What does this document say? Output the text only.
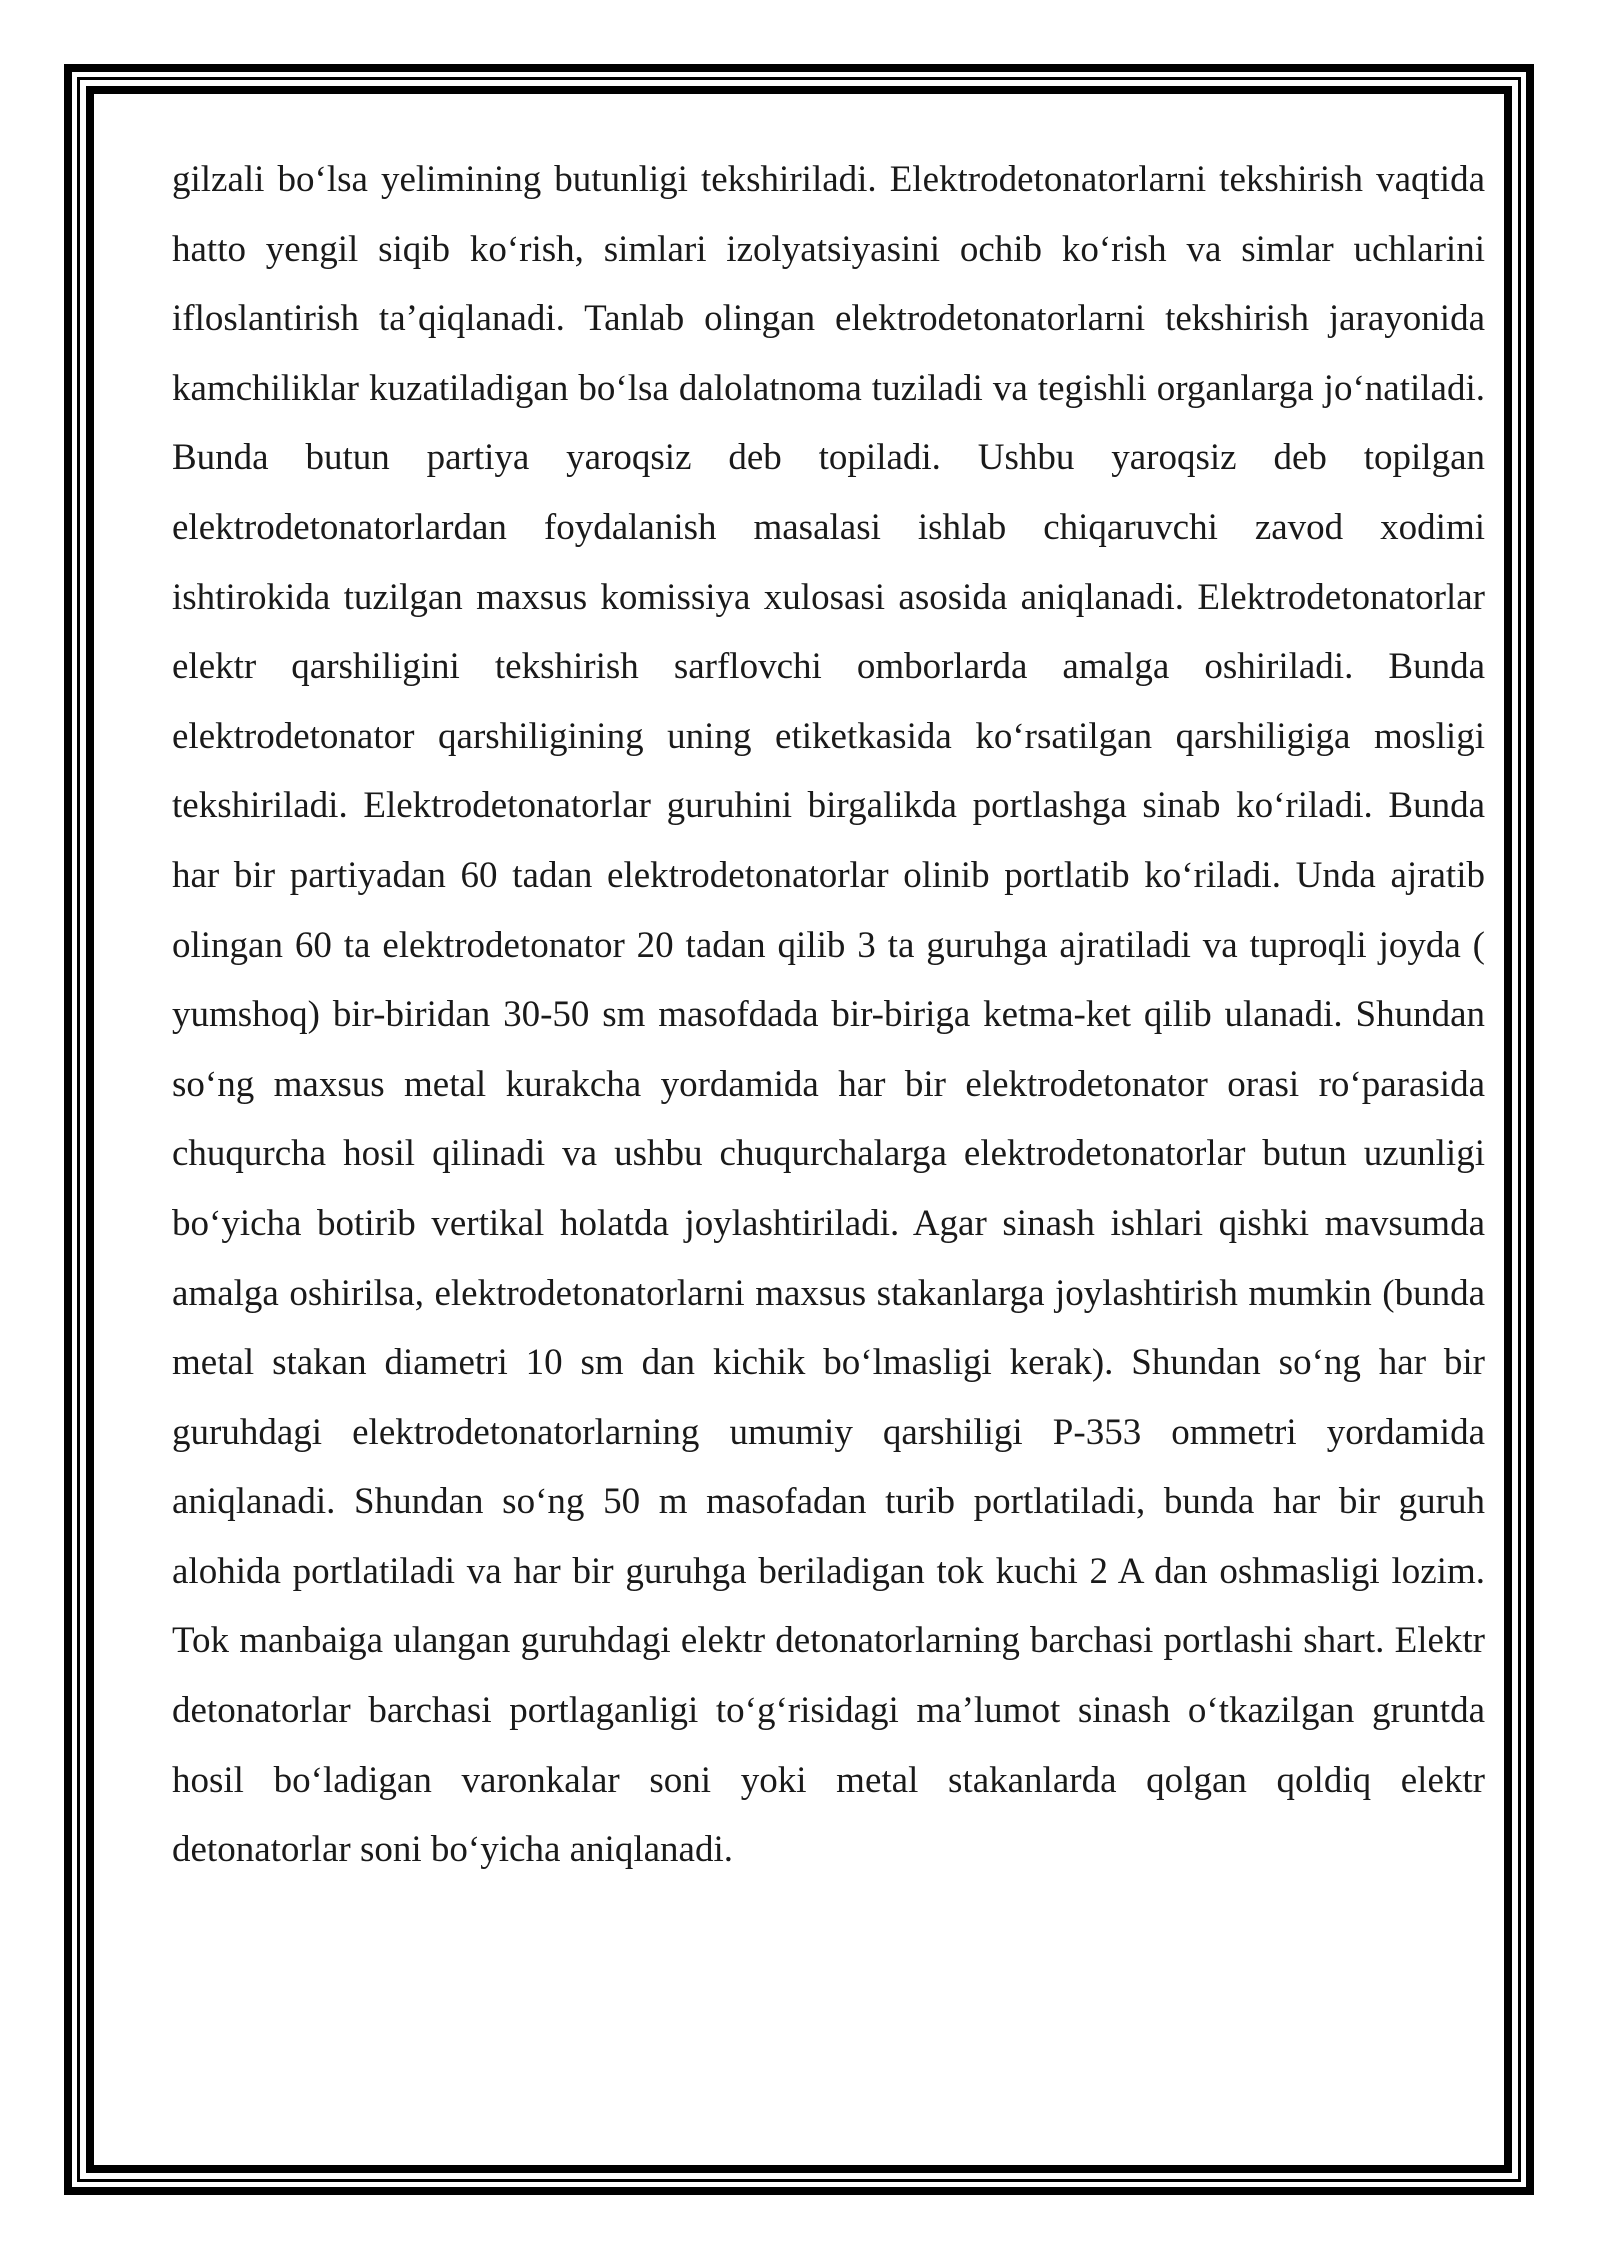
gilzali bo‘lsa yelimining butunligi tekshiriladi. Elektrodetonatorlarni tekshirish vaqtida hatto yengil siqib ko‘rish, simlari izolyatsiyasini ochib ko‘rish va simlar uchlarini ifloslantirish ta’qiqlanadi. Tanlab olingan elektrodetonatorlarni tekshirish jarayonida kamchiliklar kuzatiladigan bo‘lsa dalolatnoma tuziladi va tegishli organlarga jo‘natiladi. Bunda butun partiya yaroqsiz deb topiladi. Ushbu yaroqsiz deb topilgan elektrodetonatorlardan foydalanish masalasi ishlab chiqaruvchi zavod xodimi ishtirokida tuzilgan maxsus komissiya xulosasi asosida aniqlanadi. Elektrodetonatorlar elektr qarshiligini tekshirish sarflovchi omborlarda amalga oshiriladi. Bunda elektrodetonator qarshiligining uning etiketkasida ko‘rsatilgan qarshiligiga mosligi tekshiriladi. Elektrodetonatorlar guruhini birgalikda portlashga sinab ko‘riladi. Bunda har bir partiyadan 60 tadan elektrodetonatorlar olinib portlatib ko‘riladi. Unda ajratib olingan 60 ta elektrodetonator 20 tadan qilib 3 ta guruhga ajratiladi va tuproqli joyda ( yumshoq) bir-biridan 30-50 sm masofdada bir-biriga ketma-ket qilib ulanadi. Shundan so‘ng maxsus metal kurakcha yordamida har bir elektrodetonator orasi ro‘parasida chuqurcha hosil qilinadi va ushbu chuqurchalarga elektrodetonatorlar butun uzunligi bo‘yicha botirib vertikal holatda joylashtiriladi. Agar sinash ishlari qishki mavsumda amalga oshirilsa, elektrodetonatorlarni maxsus stakanlarga joylashtirish mumkin (bunda metal stakan diametri 10 sm dan kichik bo‘lmasligi kerak). Shundan so‘ng har bir guruhdagi elektrodetonatorlarning umumiy qarshiligi P-353 ommetri yordamida aniqlanadi. Shundan so‘ng 50 m masofadan turib portlatiladi, bunda har bir guruh alohida portlatiladi va har bir guruhga beriladigan tok kuchi 2 A dan oshmasligi lozim. Tok manbaiga ulangan guruhdagi elektr detonatorlarning barchasi portlashi shart. Elektr detonatorlar barchasi portlaganligi to‘g‘risidagi ma’lumot sinash o‘tkazilgan gruntda hosil bo‘ladigan varonkalar soni yoki metal stakanlarda qolgan qoldiq elektr detonatorlar soni bo‘yicha aniqlanadi.
